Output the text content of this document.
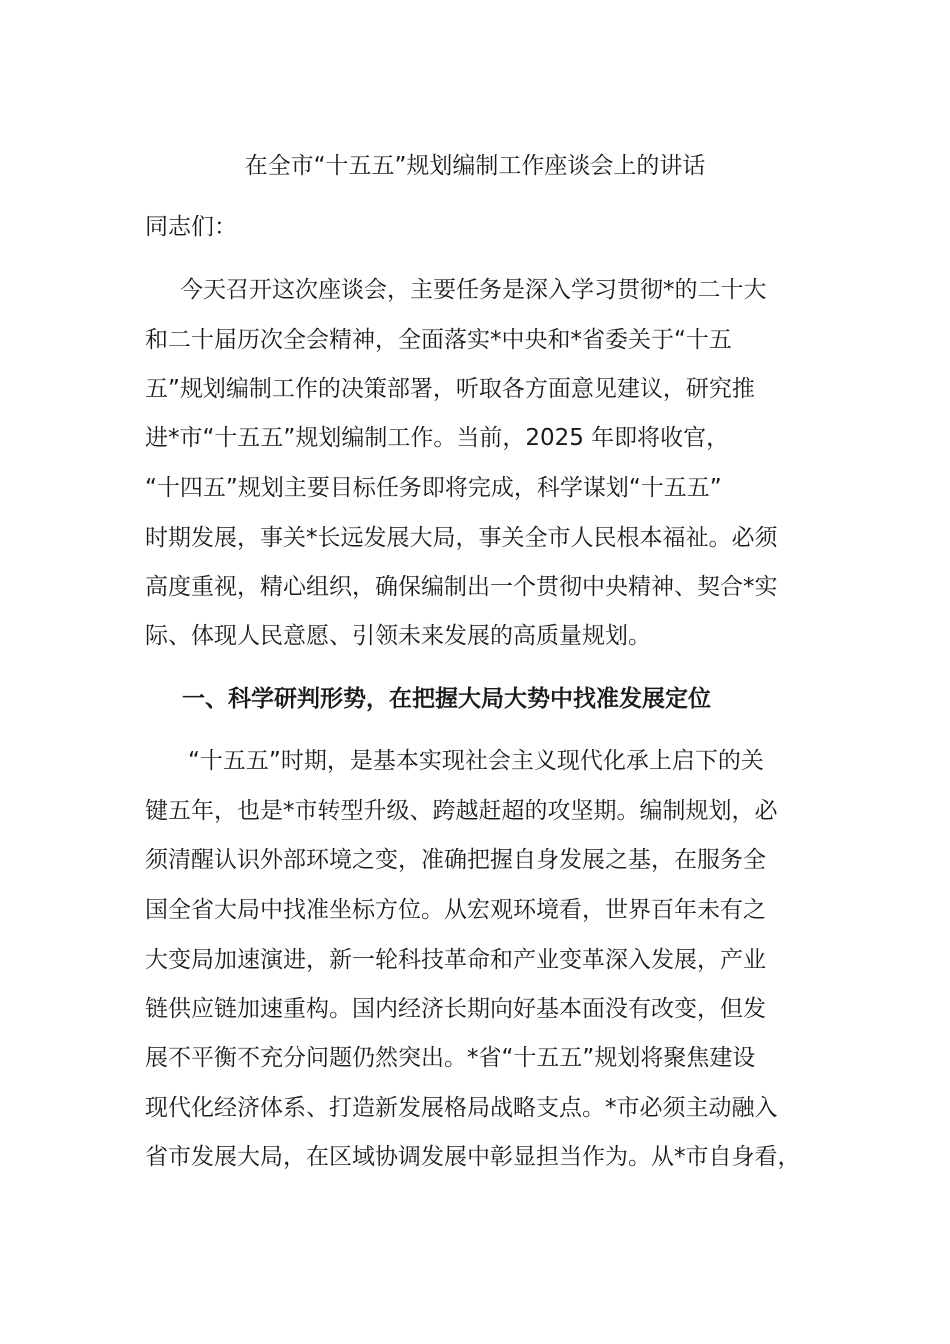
在全市“十五五”规划编制工作座谈会上的讲话
同志们：
今天召开这次座谈会，主要任务是深入学习贯彻*的二十大
和二十届历次全会精神，全面落实*中央和*省委关于“十五
五”规划编制工作的决策部署，听取各方面意见建议，研究推
进*市“十五五”规划编制工作。当前，2025 年即将收官，
“十四五”规划主要目标任务即将完成，科学谋划“十五五”
时期发展，事关*长远发展大局，事关全市人民根本福祉。必须
高度重视，精心组织，确保编制出一个贯彻中央精神、契合*实
际、体现人民意愿、引领未来发展的高质量规划。
一、科学研判形势，在把握大局大势中找准发展定位
“十五五”时期，是基本实现社会主义现代化承上启下的关
键五年，也是*市转型升级、跨越赶超的攻坚期。编制规划，必
须清醒认识外部环境之变，准确把握自身发展之基，在服务全
国全省大局中找准坐标方位。从宏观环境看，世界百年未有之
大变局加速演进，新一轮科技革命和产业变革深入发展，产业
链供应链加速重构。国内经济长期向好基本面没有改变，但发
展不平衡不充分问题仍然突出。*省“十五五”规划将聚焦建设
现代化经济体系、打造新发展格局战略支点。*市必须主动融入
省市发展大局，在区域协调发展中彰显担当作为。从*市自身看，
